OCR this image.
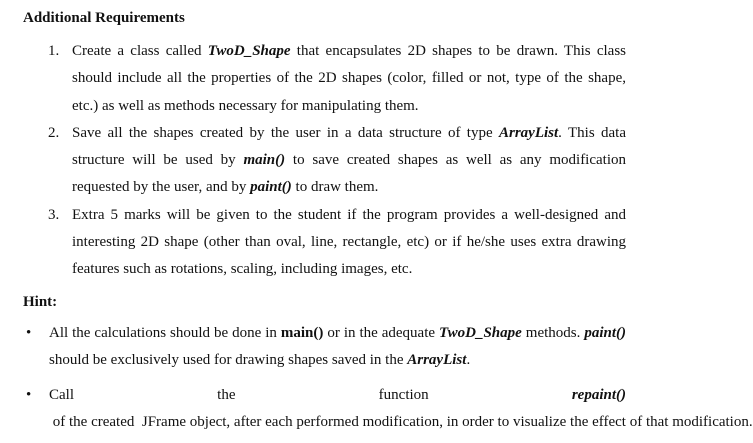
Additional Requirements
1. Create a class called TwoD_Shape that encapsulates 2D shapes to be drawn. This class should include all the properties of the 2D shapes (color, filled or not, type of the shape, etc.) as well as methods necessary for manipulating them.
2. Save all the shapes created by the user in a data structure of type ArrayList. This data structure will be used by main() to save created shapes as well as any modification requested by the user, and by paint() to draw them.
3. Extra 5 marks will be given to the student if the program provides a well-designed and interesting 2D shape (other than oval, line, rectangle, etc) or if he/she uses extra drawing features such as rotations, scaling, including images, etc.
Hint:
• All the calculations should be done in main() or in the adequate TwoD_Shape methods. paint() should be exclusively used for drawing shapes saved in the ArrayList.
• Call the function repaint() of the created  JFrame object, after each performed modification, in order to visualize the effect of that modification.
